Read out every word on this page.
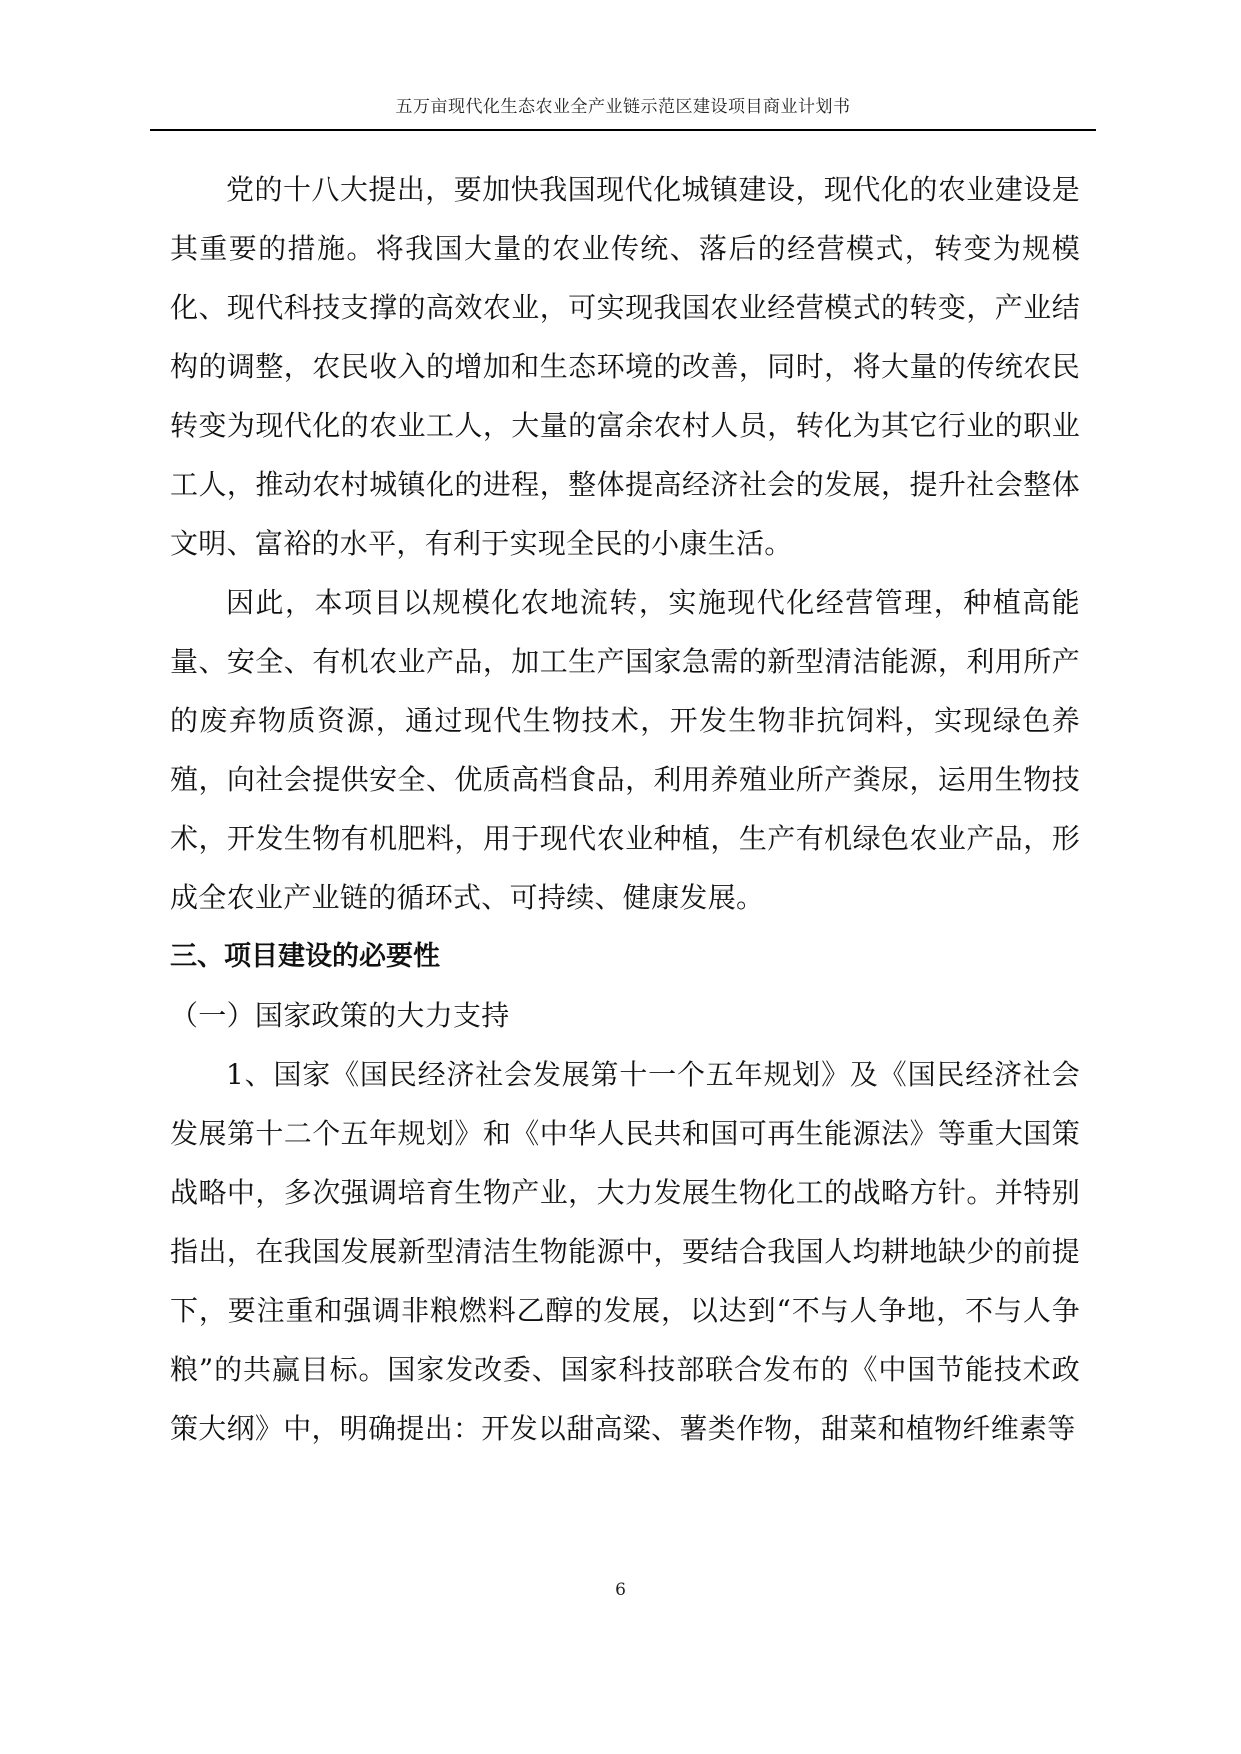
五万亩现代化生态农业全产业链示范区建设项目商业计划书

党的十八大提出，要加快我国现代化城镇建设，现代化的农业建设是其重要的措施。将我国大量的农业传统、落后的经营模式，转变为规模化、现代科技支撑的高效农业，可实现我国农业经营模式的转变，产业结构的调整，农民收入的增加和生态环境的改善，同时，将大量的传统农民转变为现代化的农业工人，大量的富余农村人员，转化为其它行业的职业工人，推动农村城镇化的进程，整体提高经济社会的发展，提升社会整体文明、富裕的水平，有利于实现全民的小康生活。

因此，本项目以规模化农地流转，实施现代化经营管理，种植高能量、安全、有机农业产品，加工生产国家急需的新型清洁能源，利用所产的废弃物质资源，通过现代生物技术，开发生物非抗饲料，实现绿色养殖，向社会提供安全、优质高档食品，利用养殖业所产粪尿，运用生物技术，开发生物有机肥料，用于现代农业种植，生产有机绿色农业产品，形成全农业产业链的循环式、可持续、健康发展。

三、项目建设的必要性

（一）国家政策的大力支持

1、国家《国民经济社会发展第十一个五年规划》及《国民经济社会发展第十二个五年规划》和《中华人民共和国可再生能源法》等重大国策战略中，多次强调培育生物产业，大力发展生物化工的战略方针。并特别指出，在我国发展新型清洁生物能源中，要结合我国人均耕地缺少的前提下，要注重和强调非粮燃料乙醇的发展，以达到“不与人争地，不与人争粮”的共赢目标。国家发改委、国家科技部联合发布的《中国节能技术政策大纲》中，明确提出：开发以甜高粱、薯类作物，甜菜和植物纤维素等

6
